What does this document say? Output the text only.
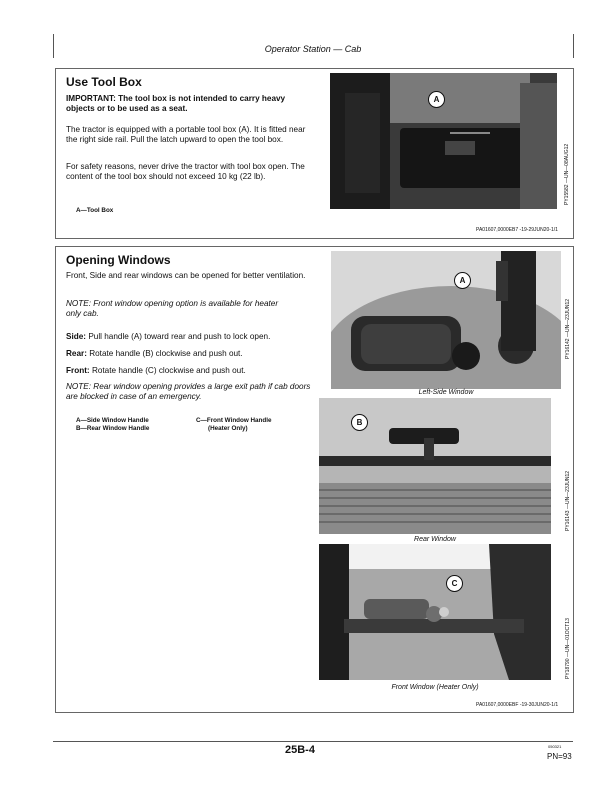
Operator Station — Cab
Use Tool Box

IMPORTANT: The tool box is not intended to carry heavy objects or to be used as a seat.

The tractor is equipped with a portable tool box (A). It is fitted near the right side rail. Pull the latch upward to open the tool box.

For safety reasons, never drive the tractor with tool box open. The content of the tool box should not exceed 10 kg (22 lb).

A—Tool Box
A
PY15582 —UN—08AUG12
PA01607,0000EB7 -19-29JUN20-1/1
Opening Windows

Front, Side and rear windows can be opened for better ventilation.

NOTE: Front window opening option is available for heater only cab.

Side: Pull handle (A) toward rear and push to lock open.

Rear: Rotate handle (B) clockwise and push out.

Front: Rotate handle (C) clockwise and push out.

NOTE: Rear window opening provides a large exit path if cab doors are blocked in case of an emergency.

A—Side Window Handle
B—Rear Window Handle
C—Front Window Handle
(Heater Only)
A
Left-Side Window
PY16142 —UN—23JUN12
B
Rear Window
PY16143 —UN—23JUN12
C
Front Window (Heater Only)
PY18790 —UN—01OCT13
PA01607,0000EBF -19-30JUN20-1/1
25B-4	050321
PN=93
